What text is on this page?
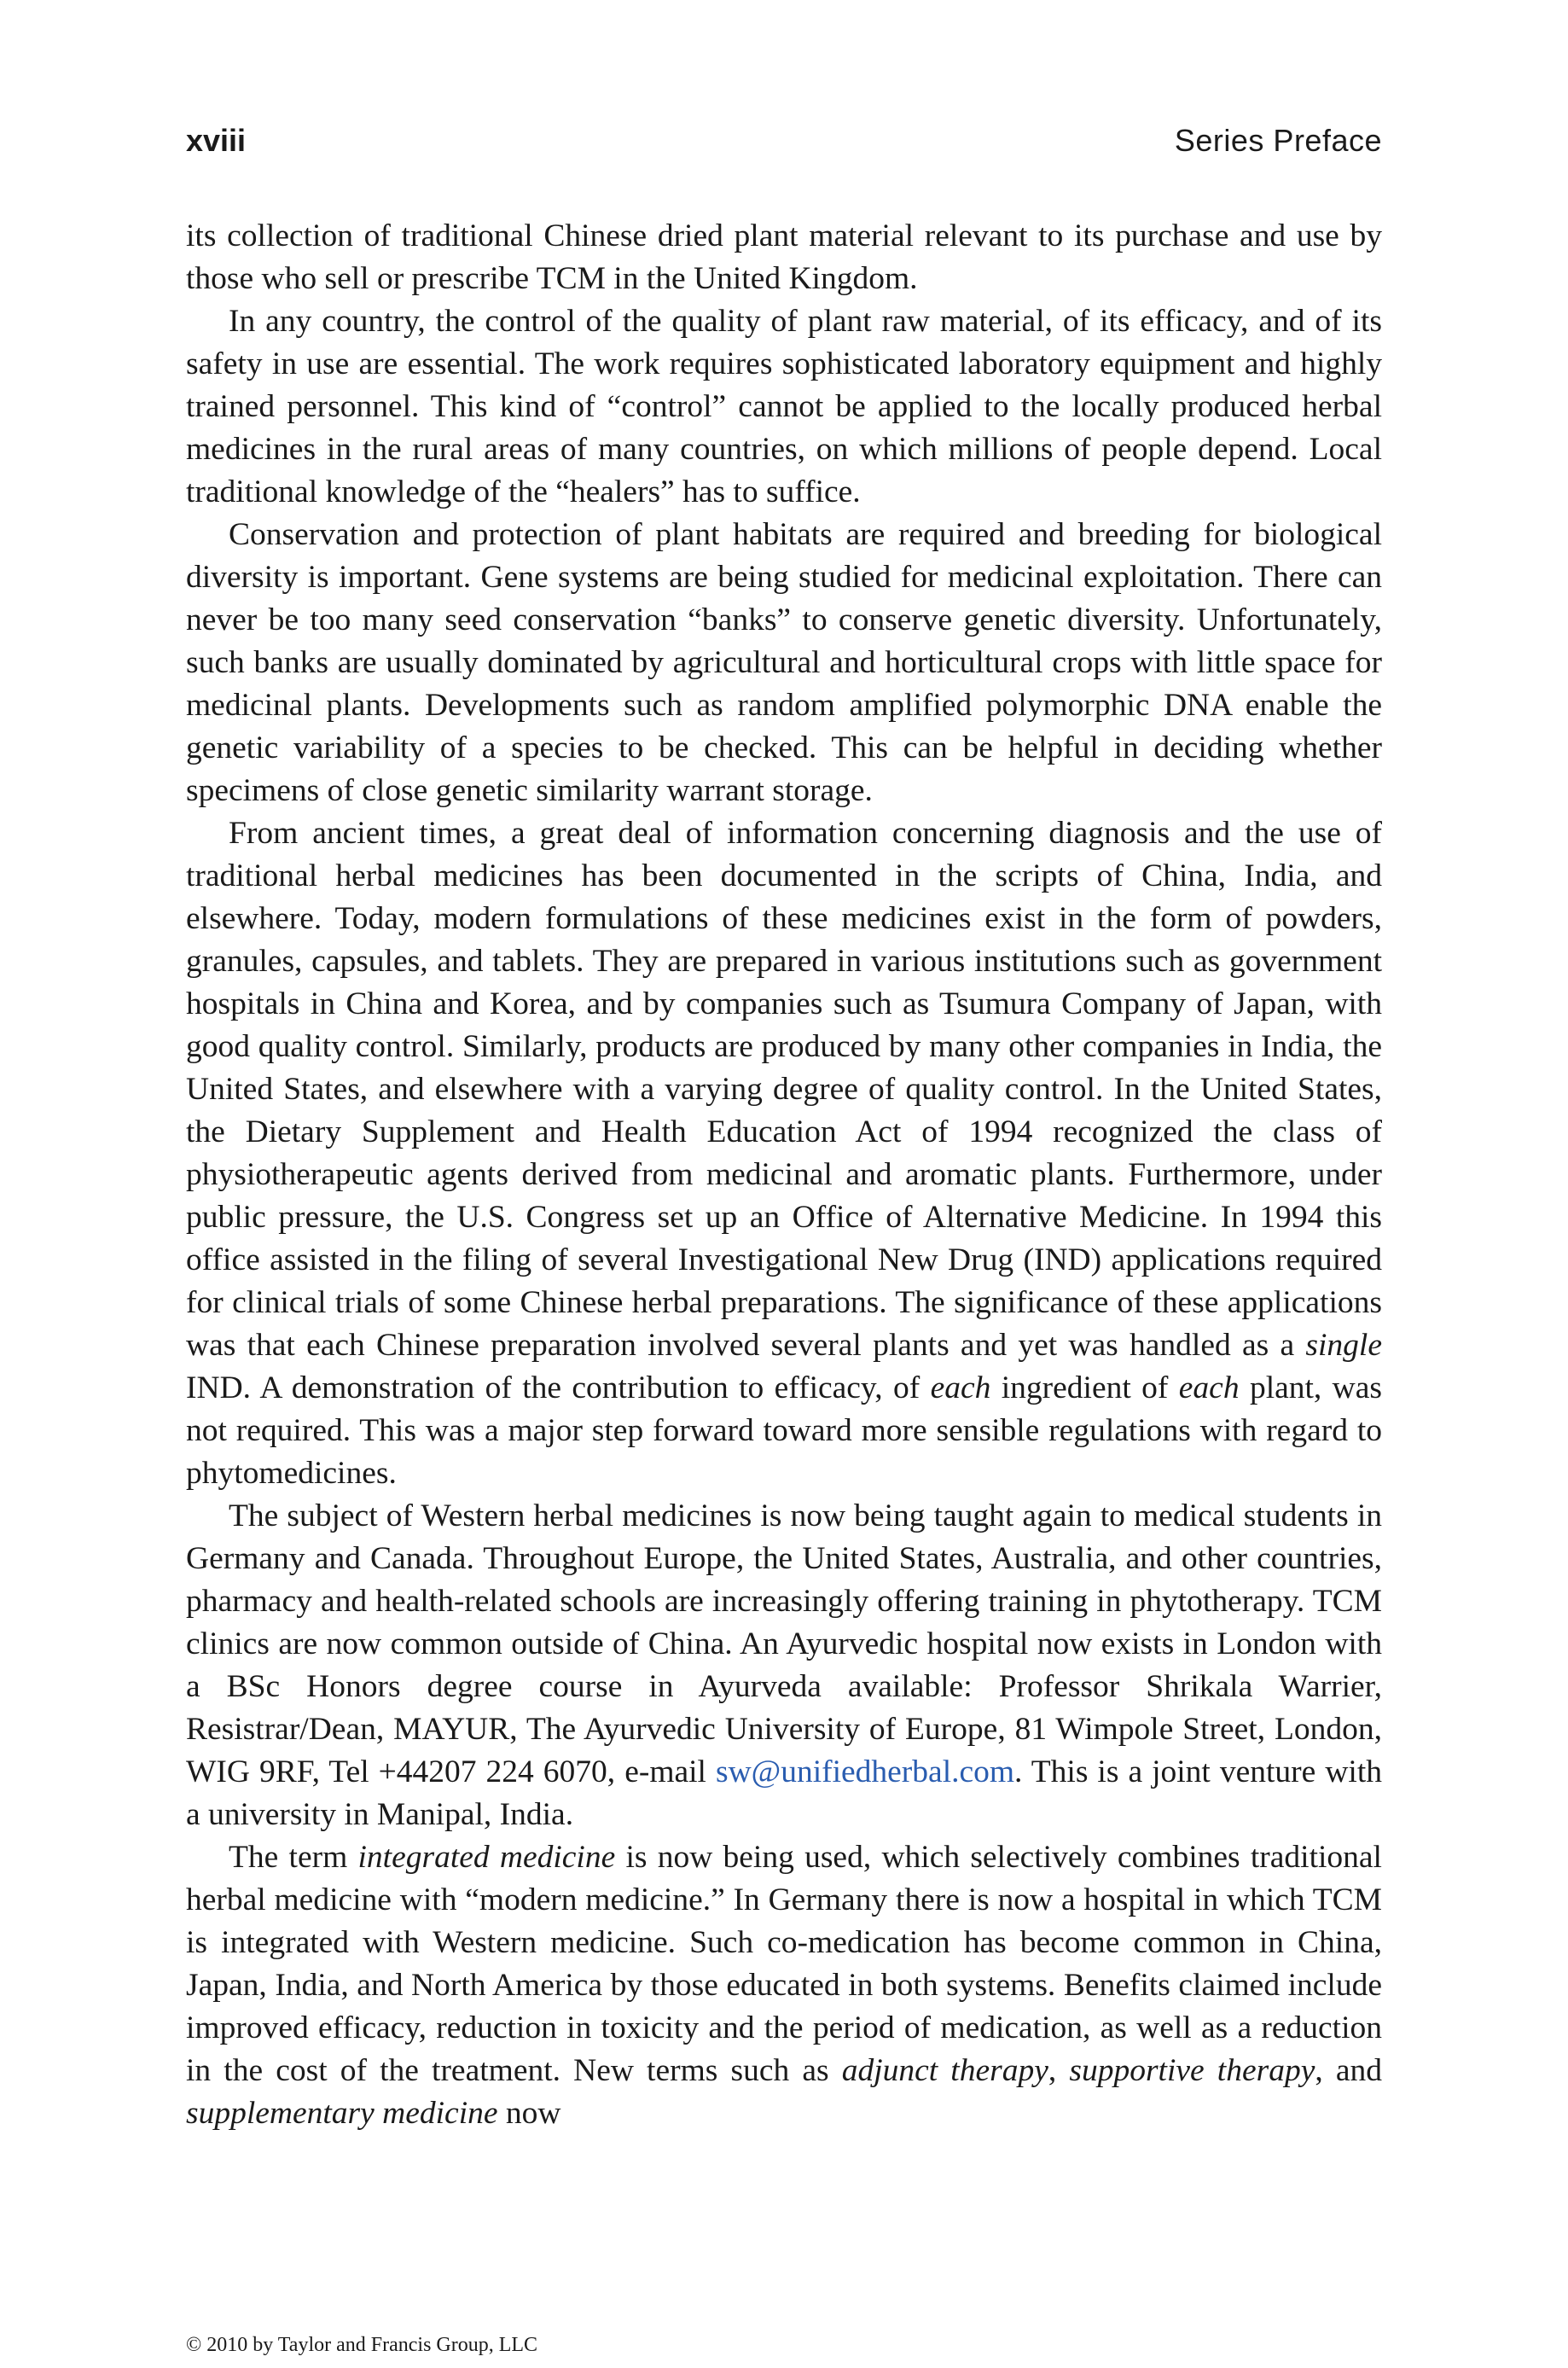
xviii	Series Preface

its collection of traditional Chinese dried plant material relevant to its purchase and use by those who sell or prescribe TCM in the United Kingdom.

In any country, the control of the quality of plant raw material, of its efficacy, and of its safety in use are essential. The work requires sophisticated laboratory equipment and highly trained personnel. This kind of “control” cannot be applied to the locally produced herbal medicines in the rural areas of many countries, on which millions of people depend. Local traditional knowledge of the “healers” has to suffice.

Conservation and protection of plant habitats are required and breeding for biological diversity is important. Gene systems are being studied for medicinal exploitation. There can never be too many seed conservation “banks” to conserve genetic diversity. Unfortunately, such banks are usually dominated by agricultural and horticultural crops with little space for medicinal plants. Developments such as random amplified polymorphic DNA enable the genetic variability of a species to be checked. This can be helpful in deciding whether specimens of close genetic similarity warrant storage.

From ancient times, a great deal of information concerning diagnosis and the use of traditional herbal medicines has been documented in the scripts of China, India, and elsewhere. Today, modern formulations of these medicines exist in the form of powders, granules, capsules, and tablets. They are prepared in various institutions such as government hospitals in China and Korea, and by companies such as Tsumura Company of Japan, with good quality control. Similarly, products are produced by many other companies in India, the United States, and elsewhere with a varying degree of quality control. In the United States, the Dietary Supplement and Health Education Act of 1994 recognized the class of physiotherapeutic agents derived from medicinal and aromatic plants. Furthermore, under public pressure, the U.S. Congress set up an Office of Alternative Medicine. In 1994 this office assisted in the filing of several Investigational New Drug (IND) applications required for clinical trials of some Chinese herbal preparations. The significance of these applications was that each Chinese preparation involved several plants and yet was handled as a single IND. A demonstration of the contribution to efficacy, of each ingredient of each plant, was not required. This was a major step forward toward more sensible regulations with regard to phytomedicines.

The subject of Western herbal medicines is now being taught again to medical students in Germany and Canada. Throughout Europe, the United States, Australia, and other countries, pharmacy and health-related schools are increasingly offering training in phytotherapy. TCM clinics are now common outside of China. An Ayurvedic hospital now exists in London with a BSc Honors degree course in Ayurveda available: Professor Shrikala Warrier, Resistrar/Dean, MAYUR, The Ayurvedic University of Europe, 81 Wimpole Street, London, WIG 9RF, Tel +44207 224 6070, e-mail sw@unifiedherbal.com. This is a joint venture with a university in Manipal, India.

The term integrated medicine is now being used, which selectively combines traditional herbal medicine with “modern medicine.” In Germany there is now a hospital in which TCM is integrated with Western medicine. Such co-medication has become common in China, Japan, India, and North America by those educated in both systems. Benefits claimed include improved efficacy, reduction in toxicity and the period of medication, as well as a reduction in the cost of the treatment. New terms such as adjunct therapy, supportive therapy, and supplementary medicine now

© 2010 by Taylor and Francis Group, LLC
